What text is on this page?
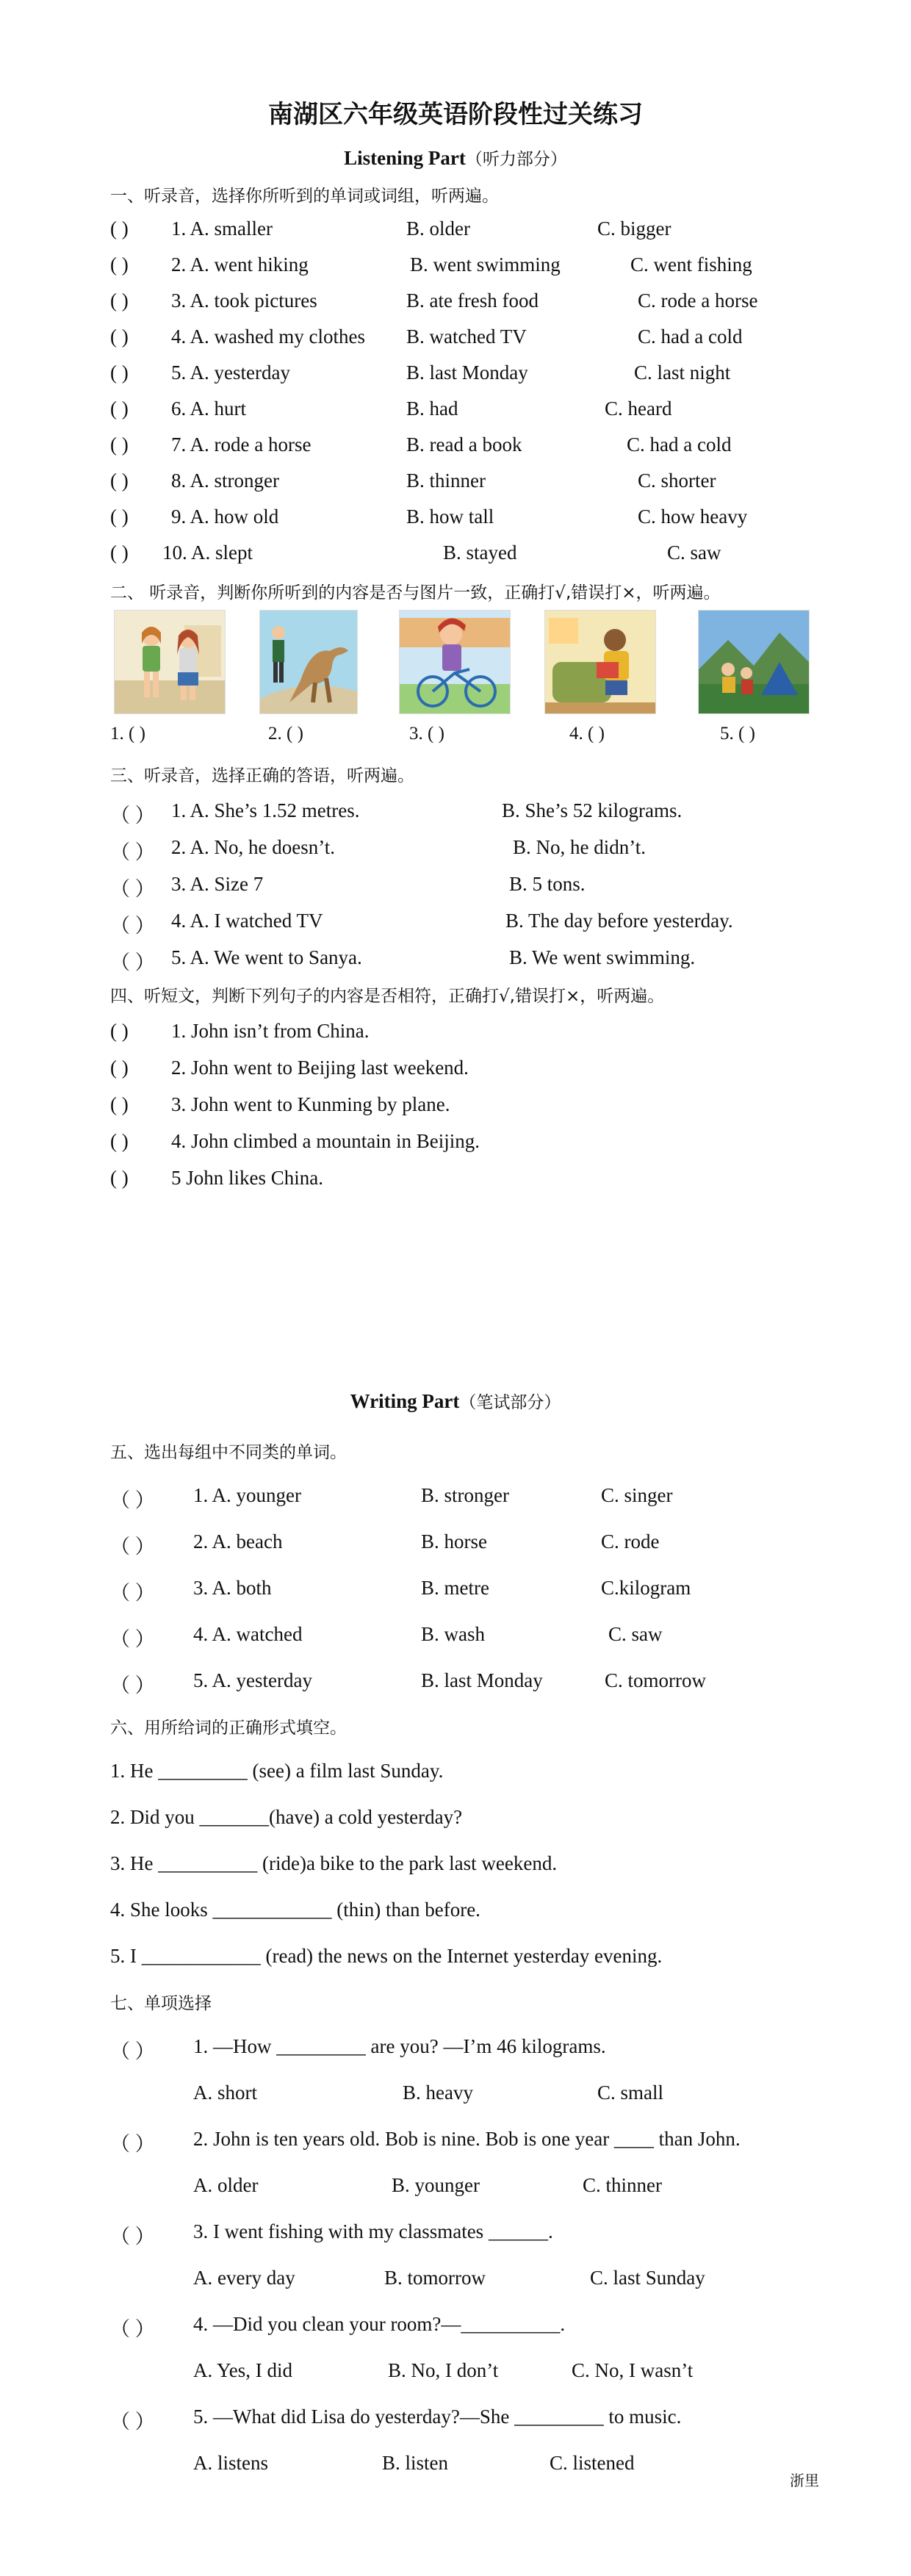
南湖区六年级英语阶段性过关练习
Listening Part（听力部分）
一、听录音，选择你所听到的单词或词组，听两遍。
( ) 1. A. smaller	B. older	C. bigger
( ) 2. A. went hiking	B. went swimming	C. went fishing
( ) 3. A. took pictures	B. ate fresh food	C. rode a horse
( ) 4. A. washed my clothes B. watched TV	C. had a cold
( ) 5. A. yesterday	B. last Monday	C. last night
( ) 6. A. hurt	B. had	C. heard
( ) 7. A. rode a horse	B. read a book	C. had a cold
( ) 8. A. stronger	B. thinner	C. shorter
( ) 9. A. how old	B. how tall	C. how heavy
( ) 10. A. slept	B. stayed	C. saw
二、 听录音，判断你所听到的内容是否与图片一致，正确打√,错误打×，听两遍。
1. ( )	2. ( )	3. ( )	4. ( )	5. ( )
三、听录音，选择正确的答语，听两遍。
（ ） 1. A. She’s 1.52 metres.	B. She’s 52 kilograms.
（ ） 2. A. No, he doesn’t.	B. No, he didn’t.
（ ） 3. A. Size 7	B. 5 tons.
（ ） 4. A. I watched TV	B. The day before yesterday.
（ ） 5. A. We went to Sanya.	B. We went swimming.
四、听短文，判断下列句子的内容是否相符，正确打√,错误打×，听两遍。
( ) 1. John isn’t from China.
( ) 2. John went to Beijing last weekend.
( ) 3. John went to Kunming by plane.
( ) 4. John climbed a mountain in Beijing.
( ) 5 John likes China.
Writing Part（笔试部分）
五、选出每组中不同类的单词。
（ ） 1. A. younger	B. stronger	C. singer
（ ） 2. A. beach	B. horse	C. rode
（ ） 3. A. both	B. metre	C.kilogram
（ ） 4. A. watched	B. wash	C. saw
（ ） 5. A. yesterday	B. last Monday	C. tomorrow
六、用所给词的正确形式填空。
1. He _________ (see) a film last Sunday.
2. Did you _______(have) a cold yesterday?
3. He __________ (ride)a bike to the park last weekend.
4. She looks ____________ (thin) than before.
5. I ____________ (read) the news on the Internet yesterday evening.
七、单项选择
（ ） 1. —How _________ are you? —I’m 46 kilograms.
A. short	B. heavy	C. small
（ ） 2. John is ten years old. Bob is nine. Bob is one year ____ than John.
A. older	B. younger	C. thinner
（ ） 3. I went fishing with my classmates ______.
A. every day	B. tomorrow	C. last Sunday
（ ） 4. —Did you clean your room?—__________.
A. Yes, I did	B. No, I don’t	C. No, I wasn’t
（ ） 5. —What did Lisa do yesterday?—She _________ to music.
A. listens	B. listen	C. listened
浙里
